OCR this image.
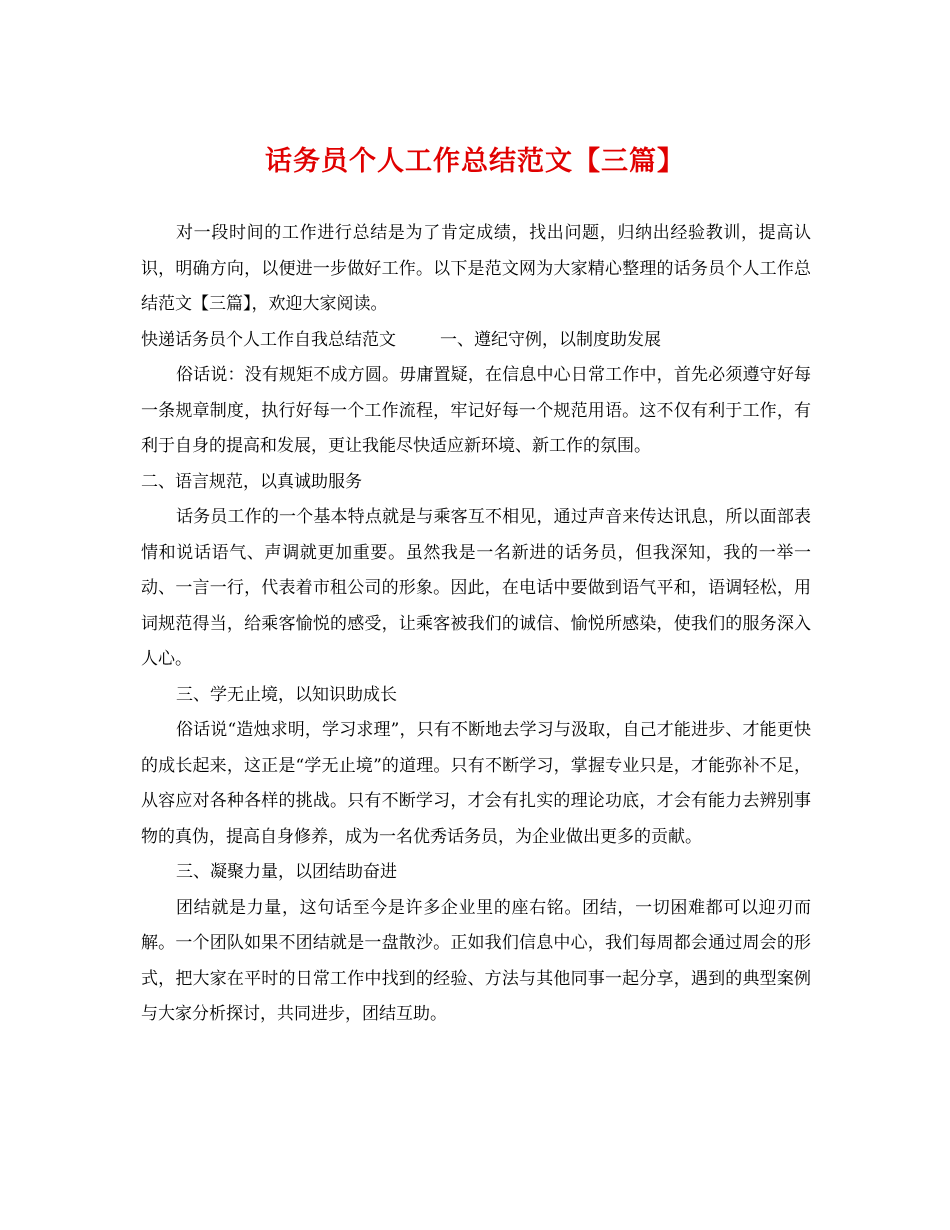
话务员个人工作总结范文【三篇】

对一段时间的工作进行总结是为了肯定成绩，找出问题，归纳出经验教训，提高认识，明确方向，以便进一步做好工作。以下是范文网为大家精心整理的话务员个人工作总结范文【三篇】，欢迎大家阅读。

快递话务员个人工作自我总结范文	一、遵纪守例，以制度助发展

俗话说：没有规矩不成方圆。毋庸置疑，在信息中心日常工作中，首先必须遵守好每一条规章制度，执行好每一个工作流程，牢记好每一个规范用语。这不仅有利于工作，有利于自身的提高和发展，更让我能尽快适应新环境、新工作的氛围。

二、语言规范，以真诚助服务

话务员工作的一个基本特点就是与乘客互不相见，通过声音来传达讯息，所以面部表情和说话语气、声调就更加重要。虽然我是一名新进的话务员，但我深知，我的一举一动、一言一行，代表着市租公司的形象。因此，在电话中要做到语气平和，语调轻松，用词规范得当，给乘客愉悦的感受，让乘客被我们的诚信、愉悦所感染，使我们的服务深入人心。

三、学无止境，以知识助成长

俗话说“造烛求明，学习求理”，只有不断地去学习与汲取，自己才能进步、才能更快的成长起来，这正是“学无止境”的道理。只有不断学习，掌握专业只是，才能弥补不足，从容应对各种各样的挑战。只有不断学习，才会有扎实的理论功底，才会有能力去辨别事物的真伪，提高自身修养，成为一名优秀话务员，为企业做出更多的贡献。

三、凝聚力量，以团结助奋进

团结就是力量，这句话至今是许多企业里的座右铭。团结，一切困难都可以迎刃而解。一个团队如果不团结就是一盘散沙。正如我们信息中心，我们每周都会通过周会的形式，把大家在平时的日常工作中找到的经验、方法与其他同事一起分享，遇到的典型案例与大家分析探讨，共同进步，团结互助。
